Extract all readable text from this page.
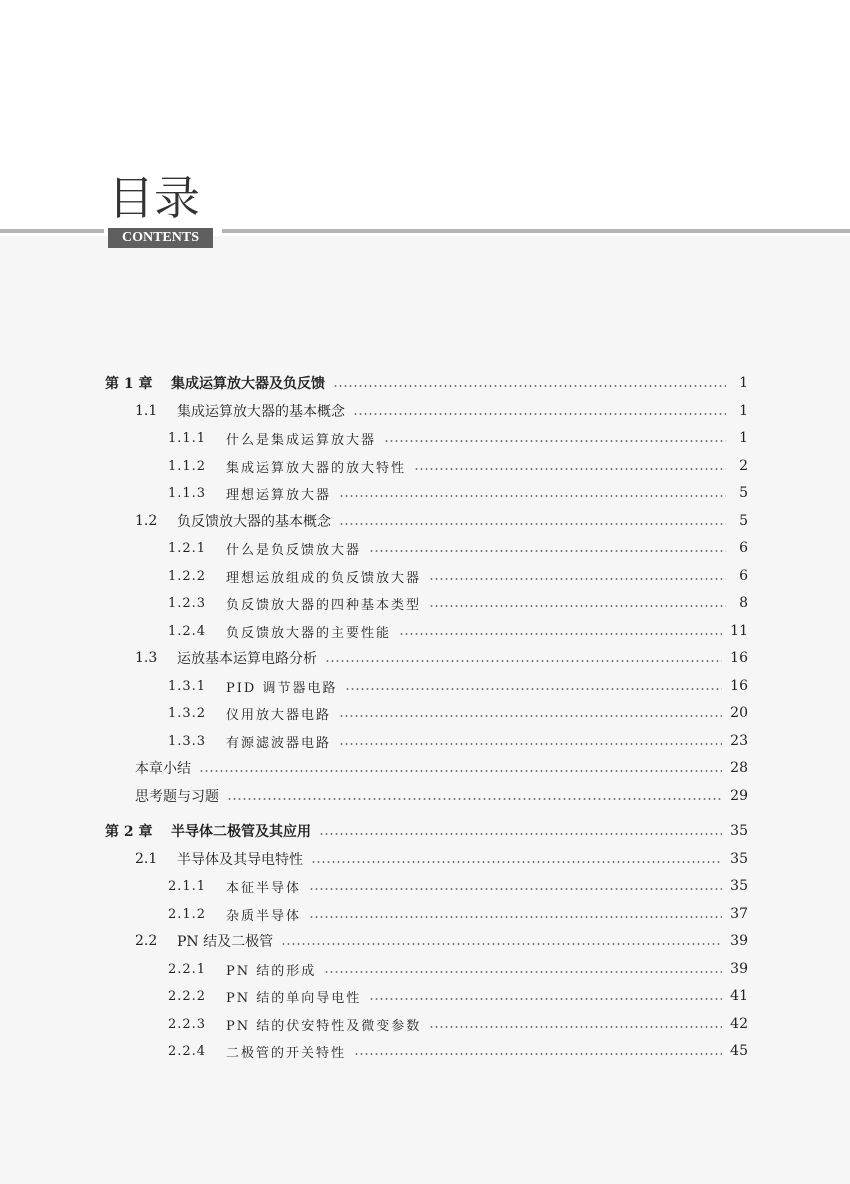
目录
CONTENTS
第 1 章	集成运算放大器及负反馈	1
1.1	集成运算放大器的基本概念	1
1.1.1	什么是集成运算放大器	1
1.1.2	集成运算放大器的放大特性	2
1.1.3	理想运算放大器	5
1.2	负反馈放大器的基本概念	5
1.2.1	什么是负反馈放大器	6
1.2.2	理想运放组成的负反馈放大器	6
1.2.3	负反馈放大器的四种基本类型	8
1.2.4	负反馈放大器的主要性能	11
1.3	运放基本运算电路分析	16
1.3.1	PID 调节器电路	16
1.3.2	仪用放大器电路	20
1.3.3	有源滤波器电路	23
本章小结	28
思考题与习题	29
第 2 章	半导体二极管及其应用	35
2.1	半导体及其导电特性	35
2.1.1	本征半导体	35
2.1.2	杂质半导体	37
2.2	PN 结及二极管	39
2.2.1	PN 结的形成	39
2.2.2	PN 结的单向导电性	41
2.2.3	PN 结的伏安特性及微变参数	42
2.2.4	二极管的开关特性	45
